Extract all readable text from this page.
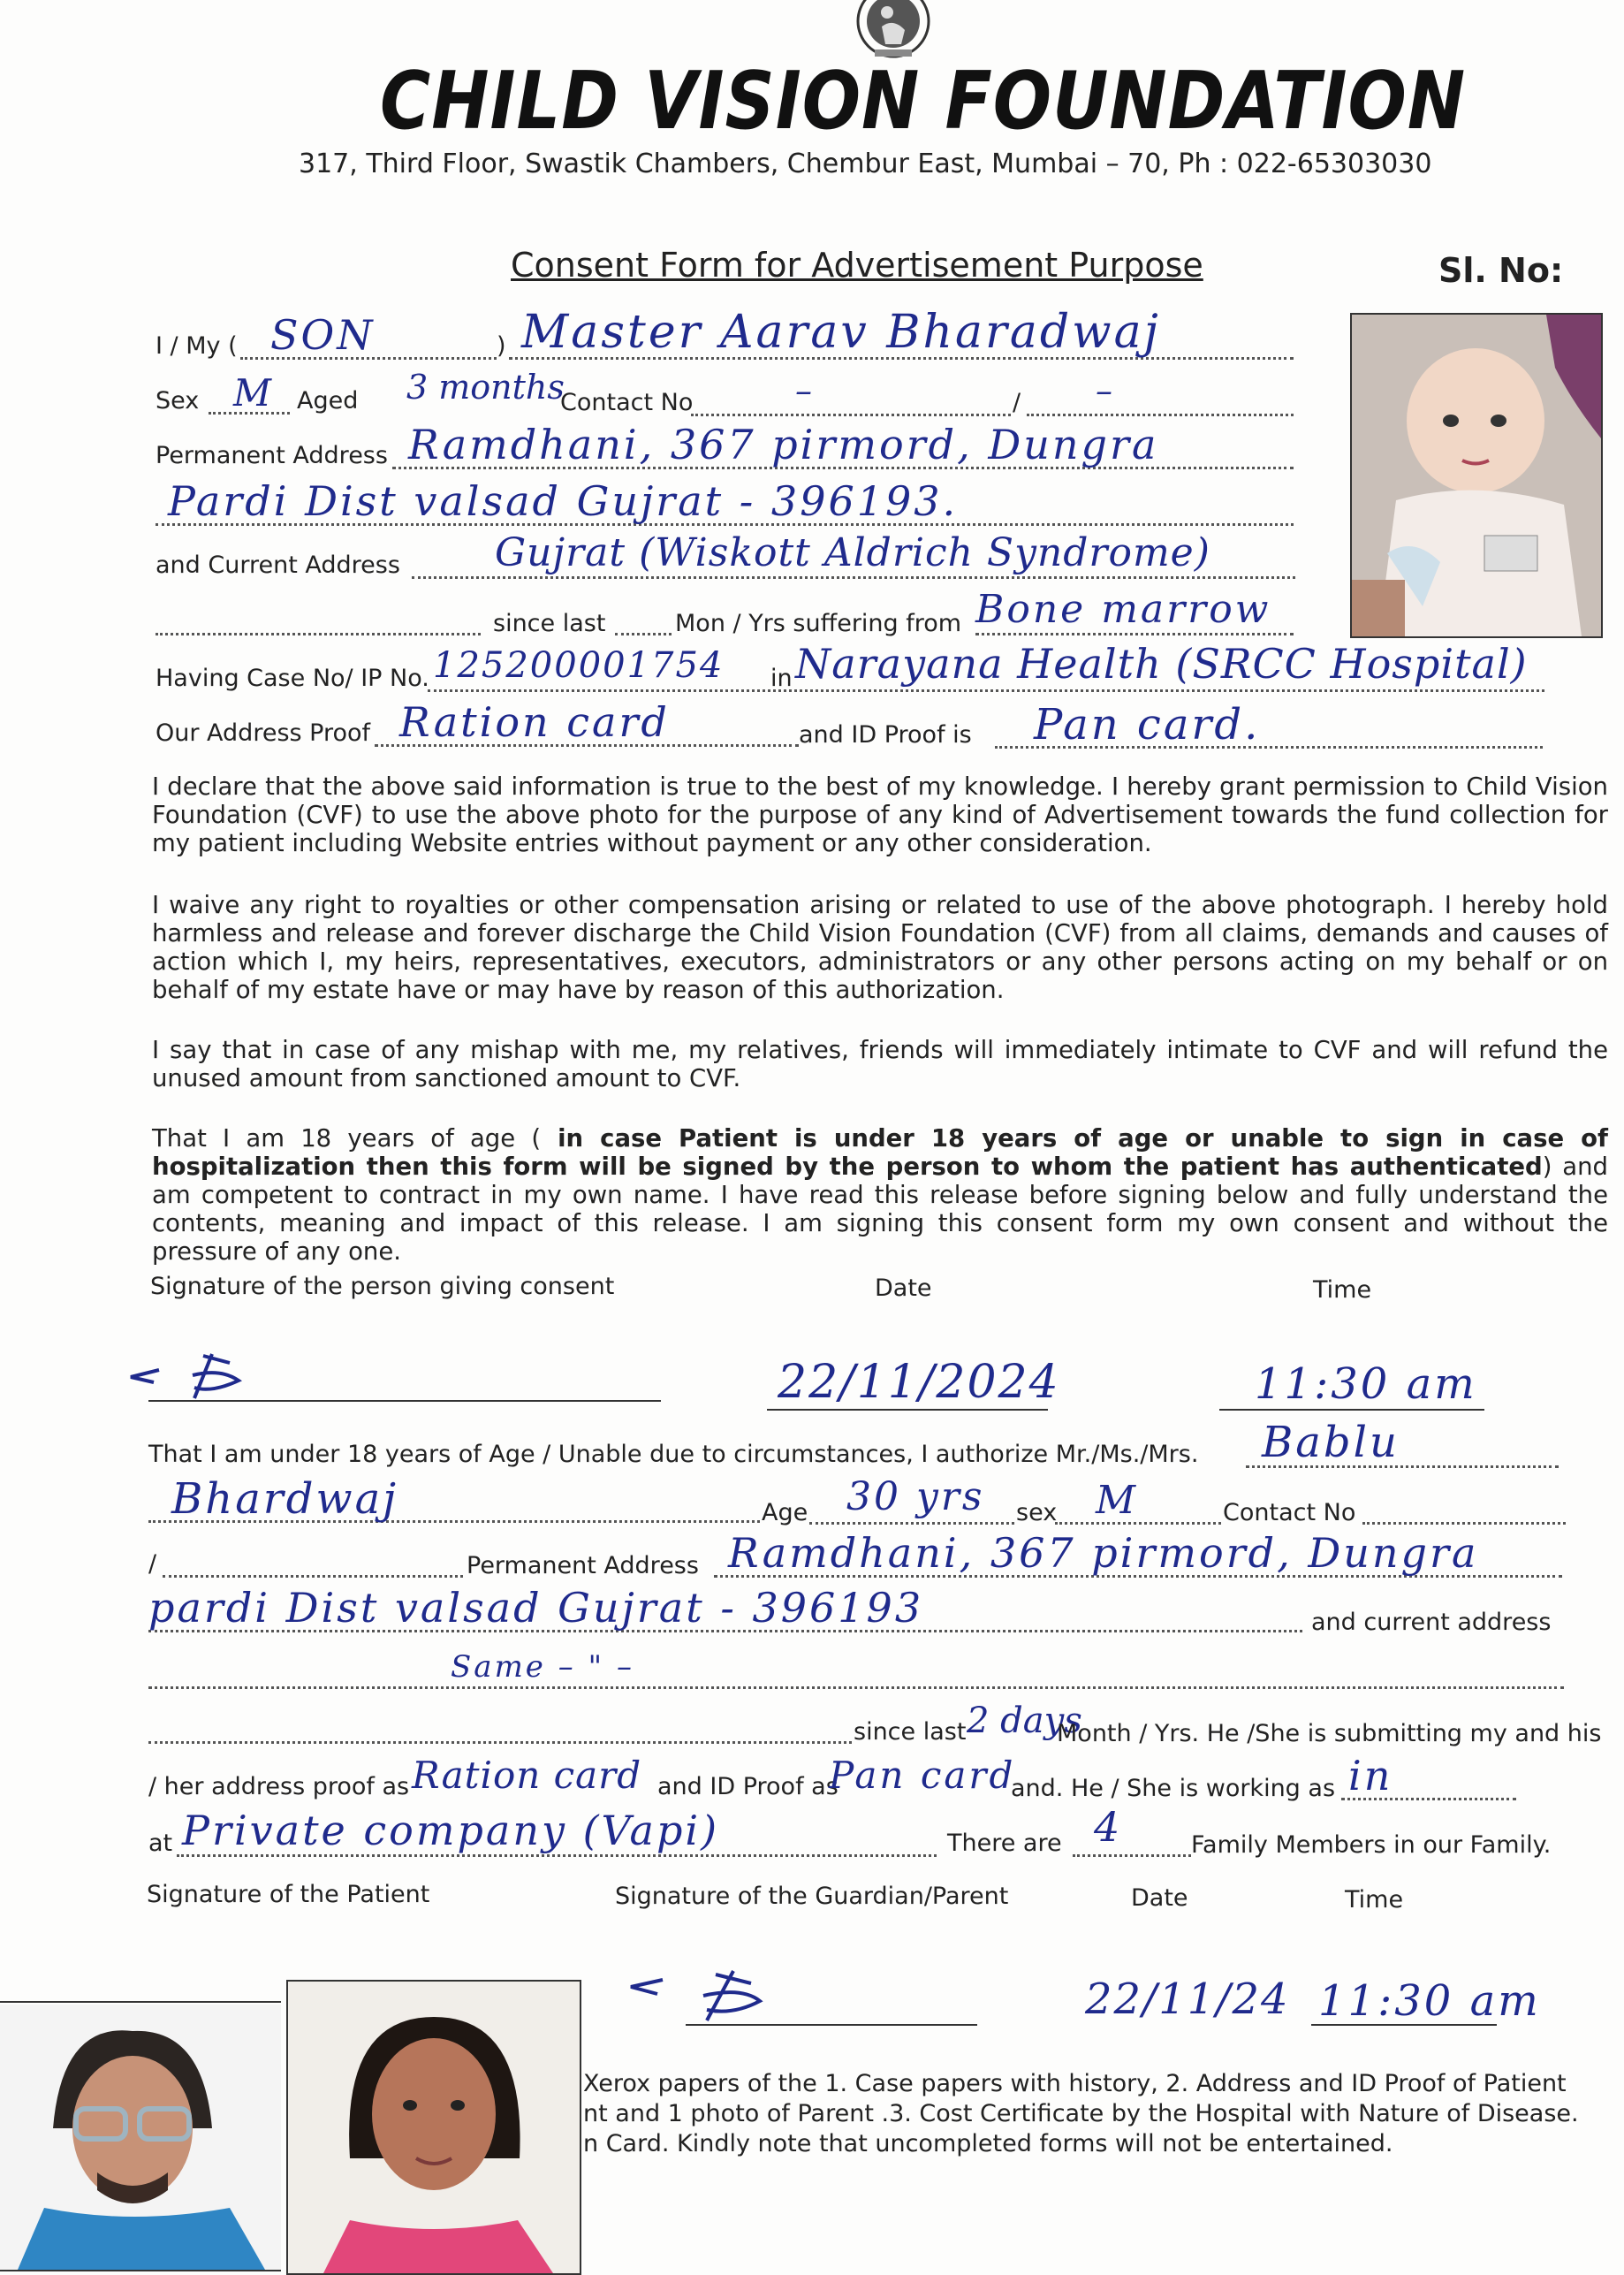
CHILD VISION FOUNDATION
317, Third Floor, Swastik Chambers, Chembur East, Mumbai – 70, Ph : 022-65303030
Consent Form for Advertisement Purpose	Sl. No:
I / My ( SON	) Master Aarav Bharadwaj
Sex M Aged 3 months
Contact No	–	/ –
Permanent Address Ramdhani, 367 pirmord, Dungra
Pardi Dist valsad Gujrat - 396193.
and Current Address Gujrat (Wiskott Aldrich Syndrome)
since last	Mon / Yrs suffering from Bone marrow
Having Case No/ IP No. 125200001754 in Narayana Health (SRCC Hospital)
Our Address Proof Ration card	and ID Proof is Pan card.
I declare that the above said information is true to the best of my knowledge. I hereby grant permission to Child Vision Foundation (CVF) to use the above photo for the purpose of any kind of Advertisement towards the fund collection for my patient including Website entries without payment or any other consideration.
I waive any right to royalties or other compensation arising or related to use of the above photograph. I hereby hold harmless and release and forever discharge the Child Vision Foundation (CVF) from all claims, demands and causes of action which I, my heirs, representatives, executors, administrators or any other persons acting on my behalf or on behalf of my estate have or may have by reason of this authorization.
I say that in case of any mishap with me, my relatives, friends will immediately intimate to CVF and will refund the unused amount from sanctioned amount to CVF.
That I am 18 years of age ( in case Patient is under 18 years of age or unable to sign in case of hospitalization then this form will be signed by the person to whom the patient has authenticated) and am competent to contract in my own name. I have read this release before signing below and fully understand the contents, meaning and impact of this release. I am signing this consent form my own consent and without the pressure of any one.
Signature of the person giving consent	Date	Time
22/11/2024	11:30 am
That I am under 18 years of Age / Unable due to circumstances, I authorize Mr./Ms./Mrs. Bablu
Bhardwaj	Age 30 yrs sex M	Contact No
/	Permanent Address Ramdhani, 367 pirmord, Dungra
pardi Dist valsad Gujrat - 396193	and current address
Same – " –
since last 2 days
Month / Yrs. He /She is submitting my and his
/ her address proof as Ration card and ID Proof as
Pan card
and. He / She is working as in
at Private company (Vapi)	There are 4	Family Members in our Family.
Signature of the Patient	Signature of the Guardian/Parent	Date	Time
22/11/24 11:30 am
Xerox papers of the 1. Case papers with history, 2. Address and ID Proof of Patient
nt and 1 photo of Parent .3. Cost Certificate by the Hospital with Nature of Disease.
n Card. Kindly note that uncompleted forms will not be entertained.
